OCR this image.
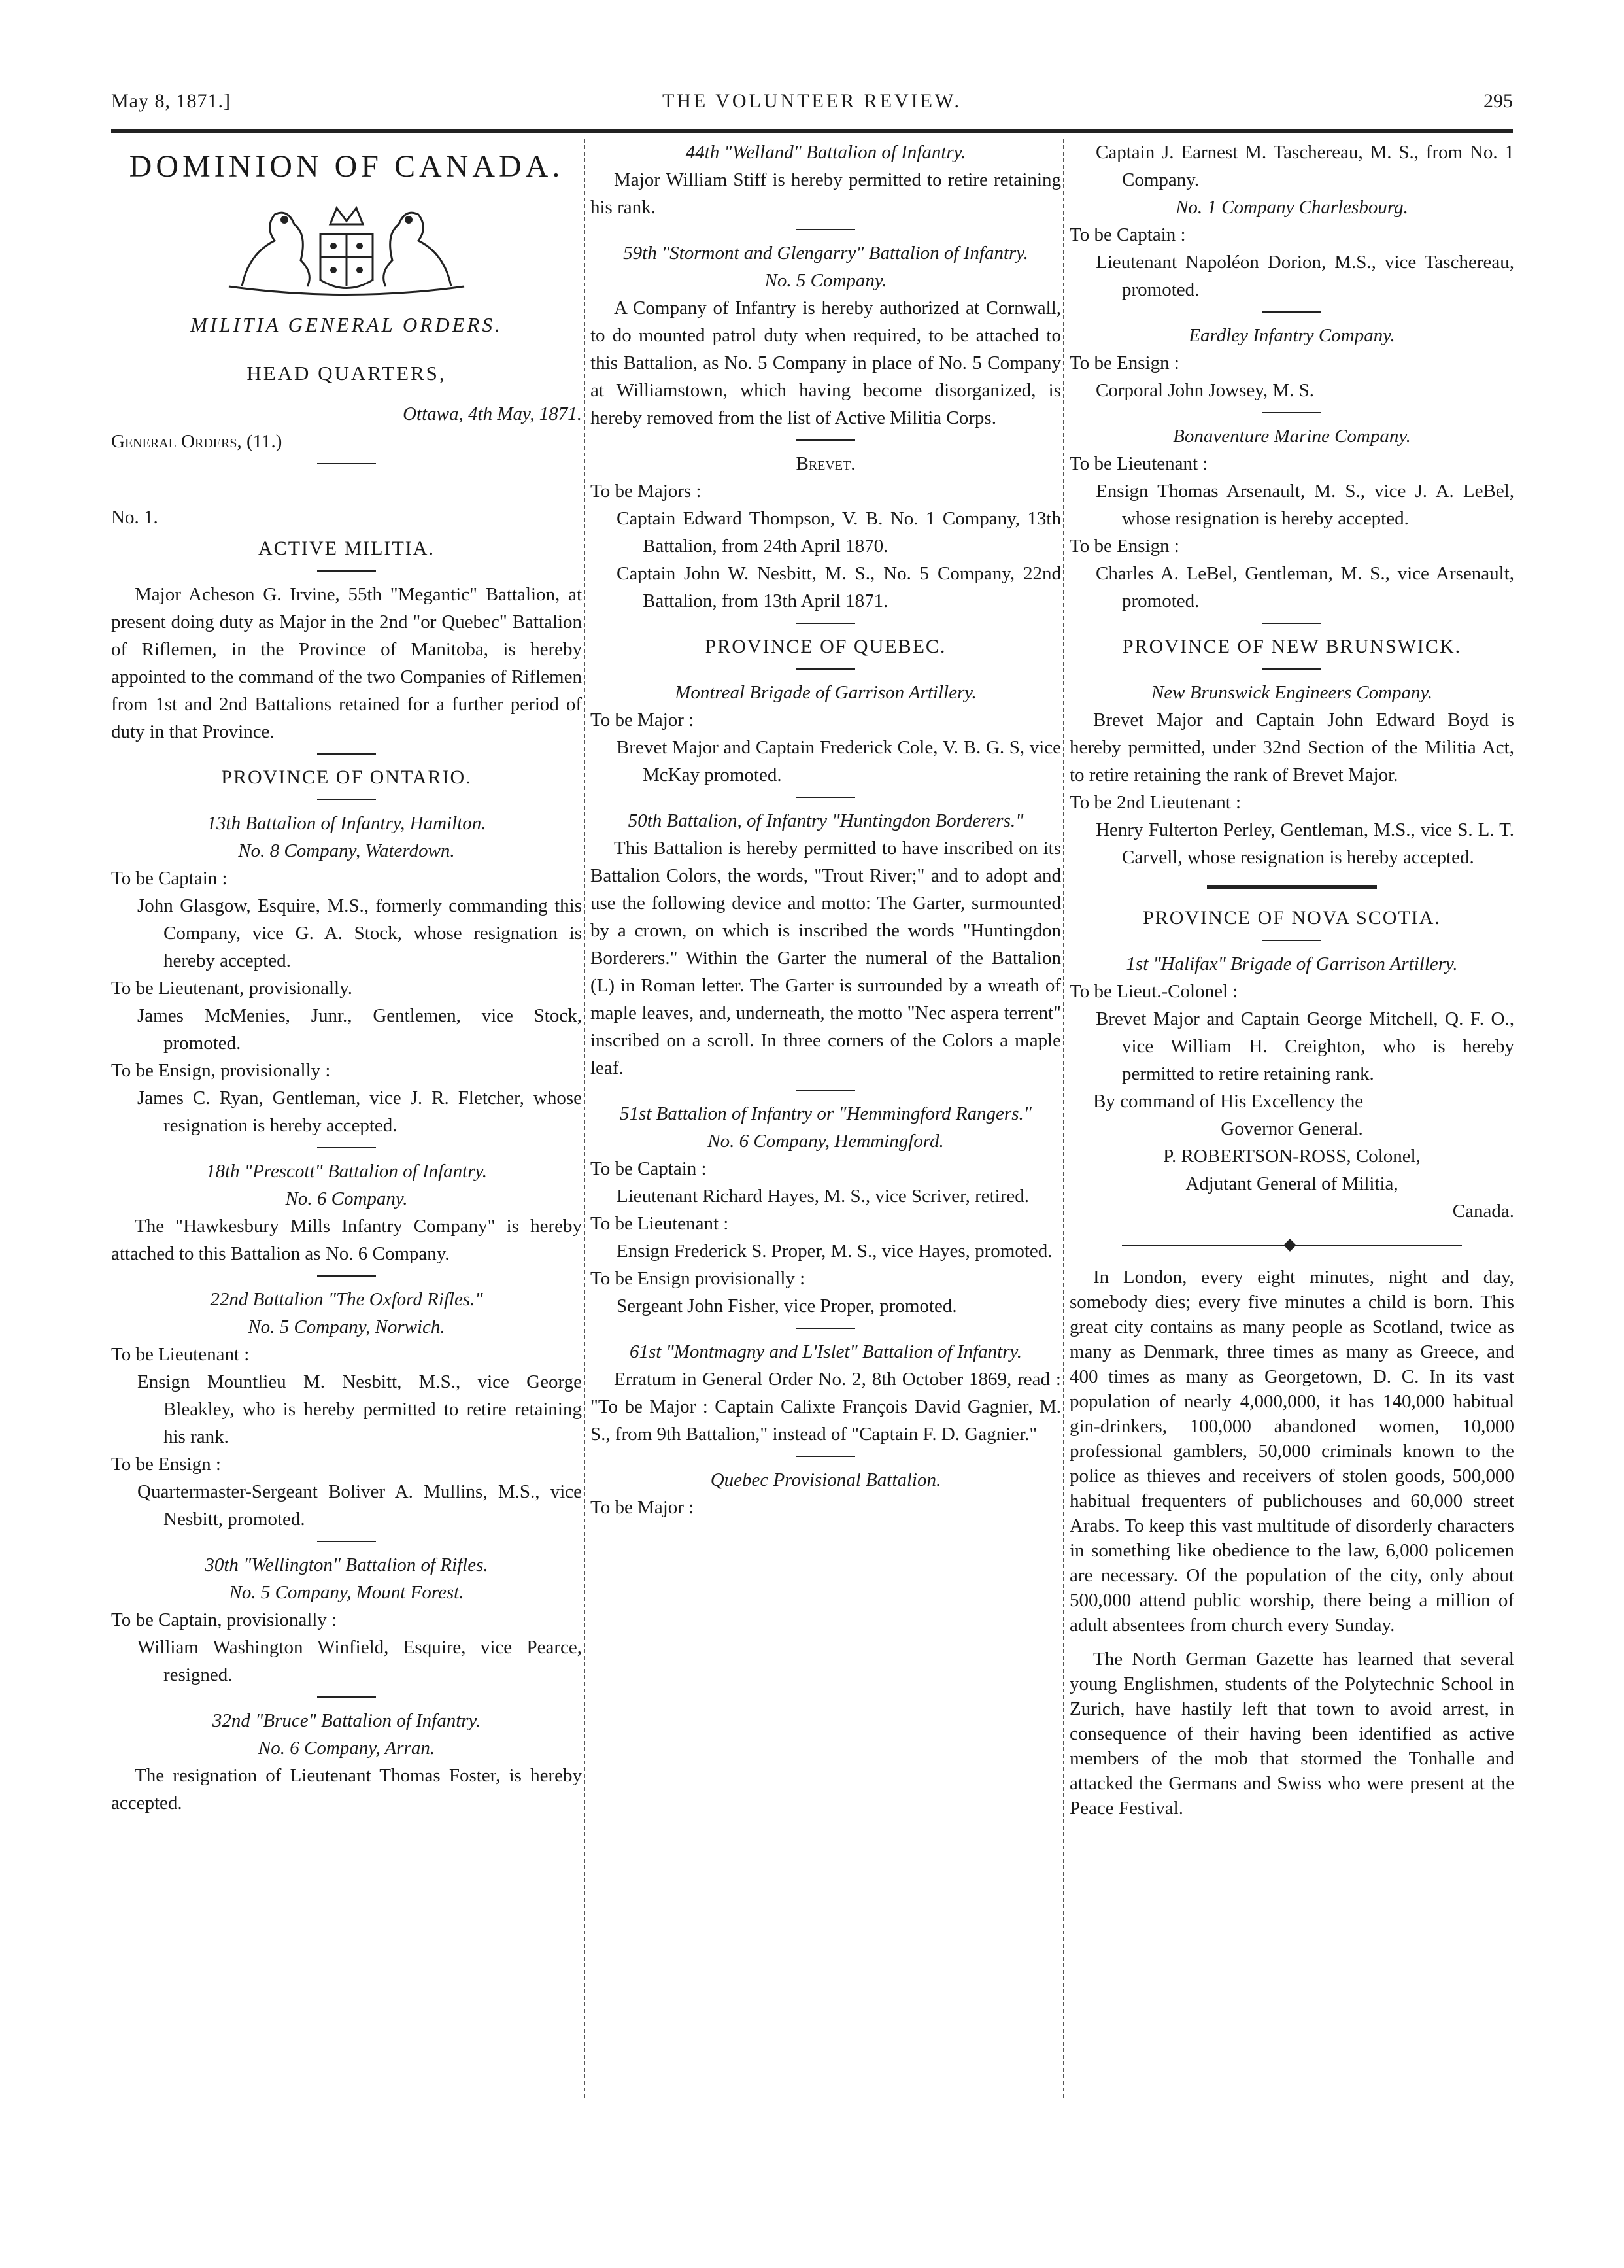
May 8, 1871.]	THE VOLUNTEER REVIEW.	295
DOMINION OF CANADA.
MILITIA GENERAL ORDERS.
HEAD QUARTERS,

Ottawa, 4th May, 1871.

General Orders, (11.)

No. 1.

ACTIVE MILITIA.

Major Acheson G. Irvine, 55th "Megantic" Battalion, at present doing duty as Major in the 2nd "or Quebec" Battalion of Riflemen, in the Province of Manitoba, is hereby appointed to the command of the two Companies of Riflemen from 1st and 2nd Battalions retained for a further period of duty in that Province.

PROVINCE OF ONTARIO.

13th Battalion of Infantry, Hamilton.

No. 8 Company, Waterdown.

To be Captain :

John Glasgow, Esquire, M.S., formerly commanding this Company, vice G. A. Stock, whose resignation is hereby accepted.

To be Lieutenant, provisionally.

James McMenies, Junr., Gentlemen, vice Stock, promoted.

To be Ensign, provisionally :

James C. Ryan, Gentleman, vice J. R. Fletcher, whose resignation is hereby accepted.

18th "Prescott" Battalion of Infantry.

No. 6 Company.

The "Hawkesbury Mills Infantry Company" is hereby attached to this Battalion as No. 6 Company.

22nd Battalion "The Oxford Rifles."

No. 5 Company, Norwich.

To be Lieutenant :

Ensign Mountlieu M. Nesbitt, M.S., vice George Bleakley, who is hereby permitted to retire retaining his rank.

To be Ensign :

Quartermaster-Sergeant Boliver A. Mullins, M.S., vice Nesbitt, promoted.

30th "Wellington" Battalion of Rifles.

No. 5 Company, Mount Forest.

To be Captain, provisionally :

William Washington Winfield, Esquire, vice Pearce, resigned.

32nd "Bruce" Battalion of Infantry.

No. 6 Company, Arran.

The resignation of Lieutenant Thomas Foster, is hereby accepted.

44th "Welland" Battalion of Infantry.

Major William Stiff is hereby permitted to retire retaining his rank.

59th "Stormont and Glengarry" Battalion of Infantry.

No. 5 Company.

A Company of Infantry is hereby authorized at Cornwall, to do mounted patrol duty when required, to be attached to this Battalion, as No. 5 Company in place of No. 5 Company at Williamstown, which having become disorganized, is hereby removed from the list of Active Militia Corps.

Brevet.

To be Majors :

Captain Edward Thompson, V. B. No. 1 Company, 13th Battalion, from 24th April 1870.

Captain John W. Nesbitt, M. S., No. 5 Company, 22nd Battalion, from 13th April 1871.

PROVINCE OF QUEBEC.

Montreal Brigade of Garrison Artillery.

To be Major :

Brevet Major and Captain Frederick Cole, V. B. G. S, vice McKay promoted.

50th Battalion, of Infantry "Huntingdon Borderers."

This Battalion is hereby permitted to have inscribed on its Battalion Colors, the words, "Trout River;" and to adopt and use the following device and motto: The Garter, surmounted by a crown, on which is inscribed the words "Huntingdon Borderers." Within the Garter the numeral of the Battalion (L) in Roman letter. The Garter is surrounded by a wreath of maple leaves, and, underneath, the motto "Nec aspera terrent" inscribed on a scroll. In three corners of the Colors a maple leaf.

51st Battalion of Infantry or "Hemmingford Rangers."

No. 6 Company, Hemmingford.

To be Captain :

Lieutenant Richard Hayes, M. S., vice Scriver, retired.

To be Lieutenant :

Ensign Frederick S. Proper, M. S., vice Hayes, promoted.

To be Ensign provisionally :

Sergeant John Fisher, vice Proper, promoted.

61st "Montmagny and L'Islet" Battalion of Infantry.

Erratum in General Order No. 2, 8th October 1869, read : "To be Major : Captain Calixte François David Gagnier, M. S., from 9th Battalion," instead of "Captain F. D. Gagnier."

Quebec Provisional Battalion.

To be Major :

Captain J. Earnest M. Taschereau, M. S., from No. 1 Company.

No. 1 Company Charlesbourg.

To be Captain :

Lieutenant Napoléon Dorion, M.S., vice Taschereau, promoted.

Eardley Infantry Company.

To be Ensign :

Corporal John Jowsey, M. S.

Bonaventure Marine Company.

To be Lieutenant :

Ensign Thomas Arsenault, M. S., vice J. A. LeBel, whose resignation is hereby accepted.

To be Ensign :

Charles A. LeBel, Gentleman, M. S., vice Arsenault, promoted.

PROVINCE OF NEW BRUNSWICK.

New Brunswick Engineers Company.

Brevet Major and Captain John Edward Boyd is hereby permitted, under 32nd Section of the Militia Act, to retire retaining the rank of Brevet Major.

To be 2nd Lieutenant :

Henry Fulterton Perley, Gentleman, M.S., vice S. L. T. Carvell, whose resignation is hereby accepted.

PROVINCE OF NOVA SCOTIA.

1st "Halifax" Brigade of Garrison Artillery.

To be Lieut.-Colonel :

Brevet Major and Captain George Mitchell, Q. F. O., vice William H. Creighton, who is hereby permitted to retire retaining rank.

By command of His Excellency the

Governor General.

P. ROBERTSON-ROSS, Colonel,

Adjutant General of Militia,

Canada.

In London, every eight minutes, night and day, somebody dies; every five minutes a child is born. This great city contains as many people as Scotland, twice as many as Denmark, three times as many as Greece, and 400 times as many as Georgetown, D. C. In its vast population of nearly 4,000,000, it has 140,000 habitual gin-drinkers, 100,000 abandoned women, 10,000 professional gamblers, 50,000 criminals known to the police as thieves and receivers of stolen goods, 500,000 habitual frequenters of publichouses and 60,000 street Arabs. To keep this vast multitude of disorderly characters in something like obedience to the law, 6,000 policemen are necessary. Of the population of the city, only about 500,000 attend public worship, there being a million of adult absentees from church every Sunday.

The North German Gazette has learned that several young Englishmen, students of the Polytechnic School in Zurich, have hastily left that town to avoid arrest, in consequence of their having been identified as active members of the mob that stormed the Tonhalle and attacked the Germans and Swiss who were present at the Peace Festival.
